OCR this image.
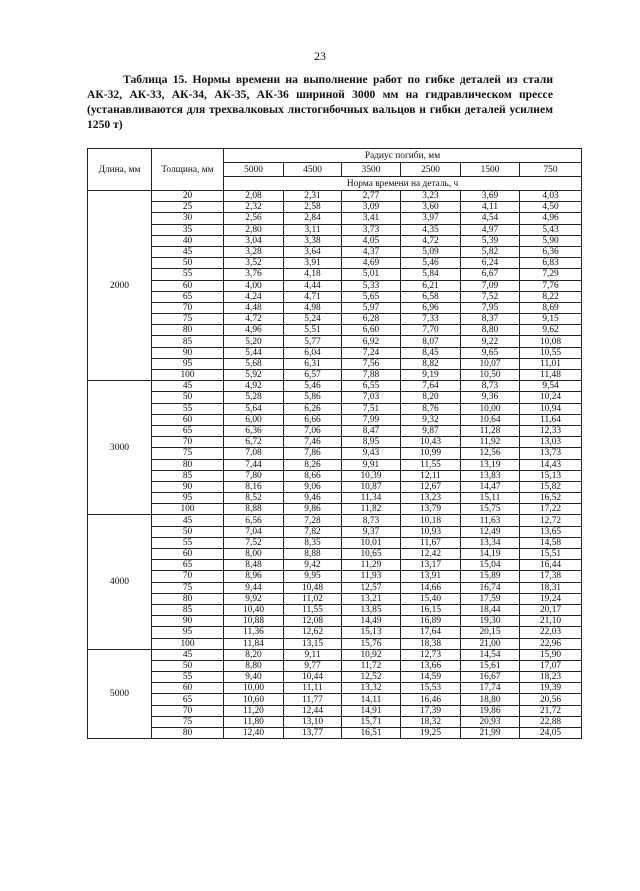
23
Таблица 15. Нормы времени на выполнение работ по гибке деталей из стали АК-32, АК-33, АК-34, АК-35, АК-36 шириной 3000 мм на гидравлическом прессе (устанавливаются для трехвалковых листогибочных вальцов и гибки деталей усилием 1250 т)
Длина, мм	Толщина, мм	Радиус погиби, мм					
		5000	4500	3500	2500	1500	750
		Норма времени на деталь, ч					
2000	20	2,08	2,31	2,77	3,23	3,69	4,03
	25	2,32	2,58	3,09	3,60	4,11	4,50
	30	2,56	2,84	3,41	3,97	4,54	4,96
	35	2,80	3,11	3,73	4,35	4,97	5,43
	40	3,04	3,38	4,05	4,72	5,39	5,90
	45	3,28	3,64	4,37	5,09	5,82	6,36
	50	3,52	3,91	4,69	5,46	6,24	6,83
	55	3,76	4,18	5,01	5,84	6,67	7,29
	60	4,00	4,44	5,33	6,21	7,09	7,76
	65	4,24	4,71	5,65	6,58	7,52	8,22
	70	4,48	4,98	5,97	6,96	7,95	8,69
	75	4,72	5,24	6,28	7,33	8,37	9,15
	80	4,96	5,51	6,60	7,70	8,80	9,62
	85	5,20	5,77	6,92	8,07	9,22	10,08
	90	5,44	6,04	7,24	8,45	9,65	10,55
	95	5,68	6,31	7,56	8,82	10,07	11,01
	100	5,92	6,57	7,88	9,19	10,50	11,48
3000	45	4,92	5,46	6,55	7,64	8,73	9,54
	50	5,28	5,86	7,03	8,20	9,36	10,24
	55	5,64	6,26	7,51	8,76	10,00	10,94
	60	6,00	6,66	7,99	9,32	10,64	11,64
	65	6,36	7,06	8,47	9,87	11,28	12,33
	70	6,72	7,46	8,95	10,43	11,92	13,03
	75	7,08	7,86	9,43	10,99	12,56	13,73
	80	7,44	8,26	9,91	11,55	13,19	14,43
	85	7,80	8,66	10,39	12,11	13,83	15,13
	90	8,16	9,06	10,87	12,67	14,47	15,82
	95	8,52	9,46	11,34	13,23	15,11	16,52
	100	8,88	9,86	11,82	13,79	15,75	17,22
4000	45	6,56	7,28	8,73	10,18	11,63	12,72
	50	7,04	7,82	9,37	10,93	12,49	13,65
	55	7,52	8,35	10,01	11,67	13,34	14,58
	60	8,00	8,88	10,65	12,42	14,19	15,51
	65	8,48	9,42	11,29	13,17	15,04	16,44
	70	8,96	9,95	11,93	13,91	15,89	17,38
	75	9,44	10,48	12,57	14,66	16,74	18,31
	80	9,92	11,02	13,21	15,40	17,59	19,24
	85	10,40	11,55	13,85	16,15	18,44	20,17
	90	10,88	12,08	14,49	16,89	19,30	21,10
	95	11,36	12,62	15,13	17,64	20,15	22,03
	100	11,84	13,15	15,76	18,38	21,00	22,96
5000	45	8,20	9,11	10,92	12,73	14,54	15,90
	50	8,80	9,77	11,72	13,66	15,61	17,07
	55	9,40	10,44	12,52	14,59	16,67	18,23
	60	10,00	11,11	13,32	15,53	17,74	19,39
	65	10,60	11,77	14,11	16,46	18,80	20,56
	70	11,20	12,44	14,91	17,39	19,86	21,72
	75	11,80	13,10	15,71	18,32	20,93	22,88
	80	12,40	13,77	16,51	19,25	21,99	24,05
